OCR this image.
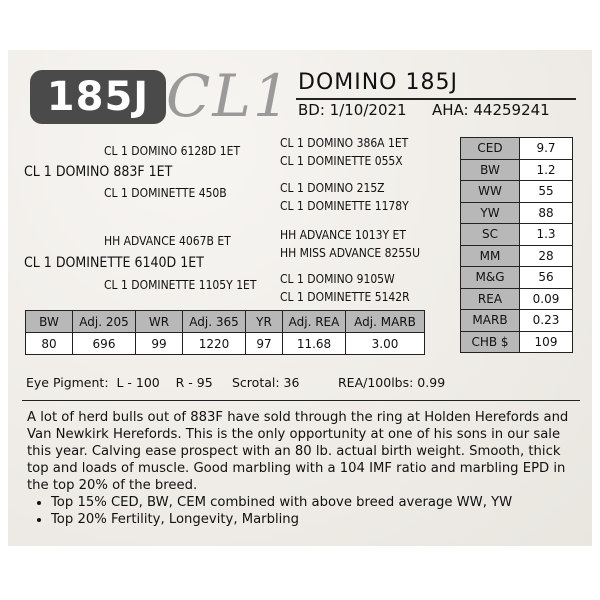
185J CL1 DOMINO 185J
BD: 1/10/2021 AHA: 44259241
CL 1 DOMINO 6128D 1ET
CL 1 DOMINO 883F 1ET
CL 1 DOMINETTE 450B
CL 1 DOMINO 386A 1ET
CL 1 DOMINETTE 055X
CL 1 DOMINO 215Z
CL 1 DOMINETTE 1178Y
HH ADVANCE 4067B ET
CL 1 DOMINETTE 6140D 1ET
CL 1 DOMINETTE 1105Y 1ET
HH ADVANCE 1013Y ET
HH MISS ADVANCE 8255U
CL 1 DOMINO 9105W
CL 1 DOMINETTE 5142R
CED	9.7
BW	1.2
WW	55
YW	88
SC	1.3
MM	28
M&G	56
REA	0.09
MARB	0.23
CHB $	109
BW	Adj. 205	WR	Adj. 365	YR	Adj. REA	Adj. MARB
80	696	99	1220	97	11.68	3.00
Eye Pigment:  L - 100    R - 95 Scrotal: 36	REA/100lbs: 0.99
A lot of herd bulls out of 883F have sold through the ring at Holden Herefords and Van Newkirk Herefords. This is the only opportunity at one of his sons in our sale this year. Calving ease prospect with an 80 lb. actual birth weight. Smooth, thick top and loads of muscle. Good marbling with a 104 IMF ratio and marbling EPD in the top 20% of the breed.
• Top 15% CED, BW, CEM combined with above breed average WW, YW
• Top 20% Fertility, Longevity, Marbling
